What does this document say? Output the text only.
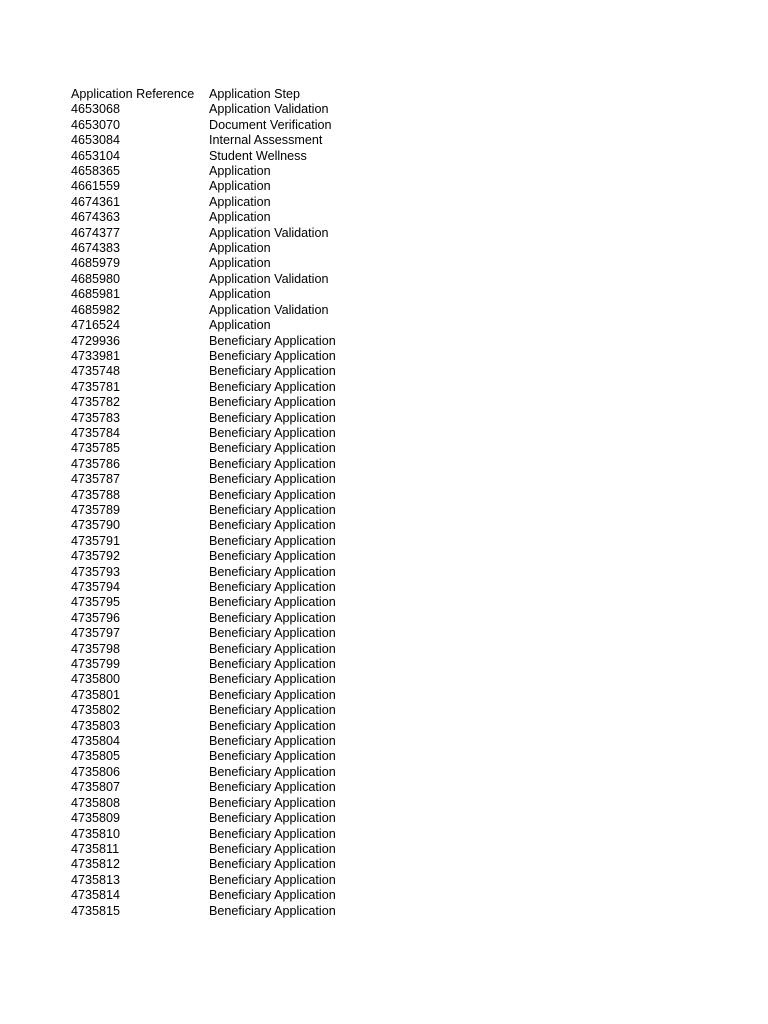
Application Reference	Application Step
4653068	Application Validation
4653070	Document Verification
4653084	Internal Assessment
4653104	Student Wellness
4658365	Application
4661559	Application
4674361	Application
4674363	Application
4674377	Application Validation
4674383	Application
4685979	Application
4685980	Application Validation
4685981	Application
4685982	Application Validation
4716524	Application
4729936	Beneficiary Application
4733981	Beneficiary Application
4735748	Beneficiary Application
4735781	Beneficiary Application
4735782	Beneficiary Application
4735783	Beneficiary Application
4735784	Beneficiary Application
4735785	Beneficiary Application
4735786	Beneficiary Application
4735787	Beneficiary Application
4735788	Beneficiary Application
4735789	Beneficiary Application
4735790	Beneficiary Application
4735791	Beneficiary Application
4735792	Beneficiary Application
4735793	Beneficiary Application
4735794	Beneficiary Application
4735795	Beneficiary Application
4735796	Beneficiary Application
4735797	Beneficiary Application
4735798	Beneficiary Application
4735799	Beneficiary Application
4735800	Beneficiary Application
4735801	Beneficiary Application
4735802	Beneficiary Application
4735803	Beneficiary Application
4735804	Beneficiary Application
4735805	Beneficiary Application
4735806	Beneficiary Application
4735807	Beneficiary Application
4735808	Beneficiary Application
4735809	Beneficiary Application
4735810	Beneficiary Application
4735811	Beneficiary Application
4735812	Beneficiary Application
4735813	Beneficiary Application
4735814	Beneficiary Application
4735815	Beneficiary Application
